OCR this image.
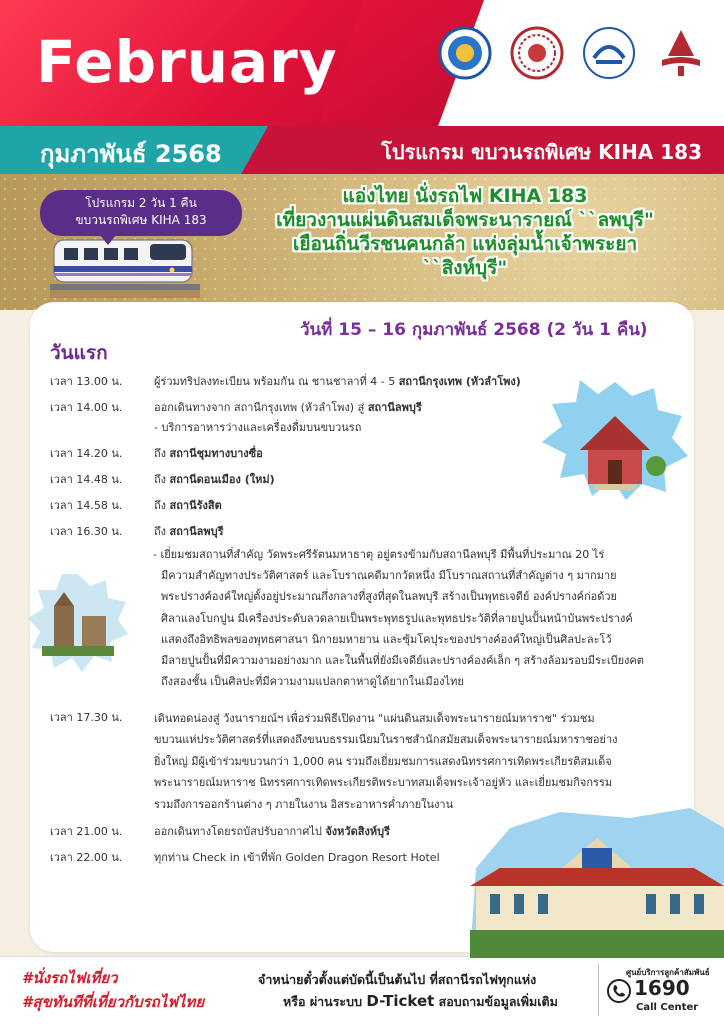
February
กุมภาพันธ์ 2568	โปรแกรม ขบวนรถพิเศษ KIHA 183
โปรแกรม 2 วัน 1 คืน
ขบวนรถพิเศษ KIHA 183
แอ่งไทย นั่งรถไฟ KIHA 183
เที่ยวงานแผ่นดินสมเด็จพระนารายณ์ ``ลพบุรี"
เยือนถิ่นวีรชนคนกล้า แห่งลุ่มน้ำเจ้าพระยา
``สิงห์บุรี"
วันที่ 15 – 16 กุมภาพันธ์ 2568 (2 วัน 1 คืน)
วันแรก
เวลา 13.00 น.	ผู้ร่วมทริปลงทะเบียน พร้อมกัน ณ ชานชาลาที่ 4 - 5 สถานีกรุงเทพ (หัวลำโพง)
เวลา 14.00 น.	ออกเดินทางจาก สถานีกรุงเทพ (หัวลำโพง) สู่ สถานีลพบุรี
- บริการอาหารว่างและเครื่องดื่มบนขบวนรถ
เวลา 14.20 น.	ถึง สถานีชุมทางบางซื่อ
เวลา 14.48 น.	ถึง สถานีดอนเมือง (ใหม่)
เวลา 14.58 น.	ถึง สถานีรังสิต
เวลา 16.30 น.	ถึง สถานีลพบุรี
- เยี่ยมชมสถานที่สำคัญ วัดพระศรีรัตนมหาธาตุ อยู่ตรงข้ามกับสถานีลพบุรี มีพื้นที่ประมาณ 20 ไร่
มีความสำคัญทางประวัติศาสตร์ และโบราณคดีมากวัดหนึ่ง มีโบราณสถานที่สำคัญต่าง ๆ มากมาย
พระปรางค์องค์ใหญ่ตั้งอยู่ประมาณกึ่งกลางที่สูงที่สุดในลพบุรี สร้างเป็นพุทธเจดีย์ องค์ปรางค์ก่อด้วย
ศิลาแลงโบกปูน มีเครื่องประดับลวดลายเป็นพระพุทธรูปและพุทธประวัติที่ลายปูนปั้นหน้าบันพระปรางค์
แสดงถึงอิทธิพลของพุทธศาสนา นิกายมหายาน และซุ้มโคปุระของปรางค์องค์ใหญ่เป็นศิลปะละโว้
มีลายปูนปั้นที่มีความงามอย่างมาก และในพื้นที่ยังมีเจดีย์และปรางค์องค์เล็ก ๆ สร้างล้อมรอบมีระเบียงคต
ถึงสองชั้น เป็นศิลปะที่มีความงามแปลกตาหาดูได้ยากในเมืองไทย
เวลา 17.30 น.	เดินทอดน่องสู่ วังนารายณ์ฯ เพื่อร่วมพิธีเปิดงาน "แผ่นดินสมเด็จพระนารายณ์มหาราช" ร่วมชม
ขบวนแห่ประวัติศาสตร์ที่แสดงถึงขนบธรรมเนียมในราชสำนักสมัยสมเด็จพระนารายณ์มหาราชอย่าง
ยิ่งใหญ่ มีผู้เข้าร่วมขบวนกว่า 1,000 คน รวมถึงเยี่ยมชมการแสดงนิทรรศการเทิดพระเกียรติสมเด็จ
พระนารายณ์มหาราช นิทรรศการเทิดพระเกียรติพระบาทสมเด็จพระเจ้าอยู่หัว และเยี่ยมชมกิจกรรม
รวมถึงการออกร้านต่าง ๆ ภายในงาน อิสระอาหารค่ำภายในงาน
เวลา 21.00 น.	ออกเดินทางโดยรถบัสปรับอากาศไป จังหวัดสิงห์บุรี
เวลา 22.00 น.	ทุกท่าน Check in เข้าที่พัก Golden Dragon Resort Hotel
#นั่งรถไฟเที่ยว
#สุขทันทีที่เที่ยวกับรถไฟไทย
จำหน่ายตั๋วตั้งแต่บัดนี้เป็นต้นไป ที่สถานีรถไฟทุกแห่ง
หรือ ผ่านระบบ D-Ticket สอบถามข้อมูลเพิ่มเติม
ศูนย์บริการลูกค้าสัมพันธ์
1690
Call Center
